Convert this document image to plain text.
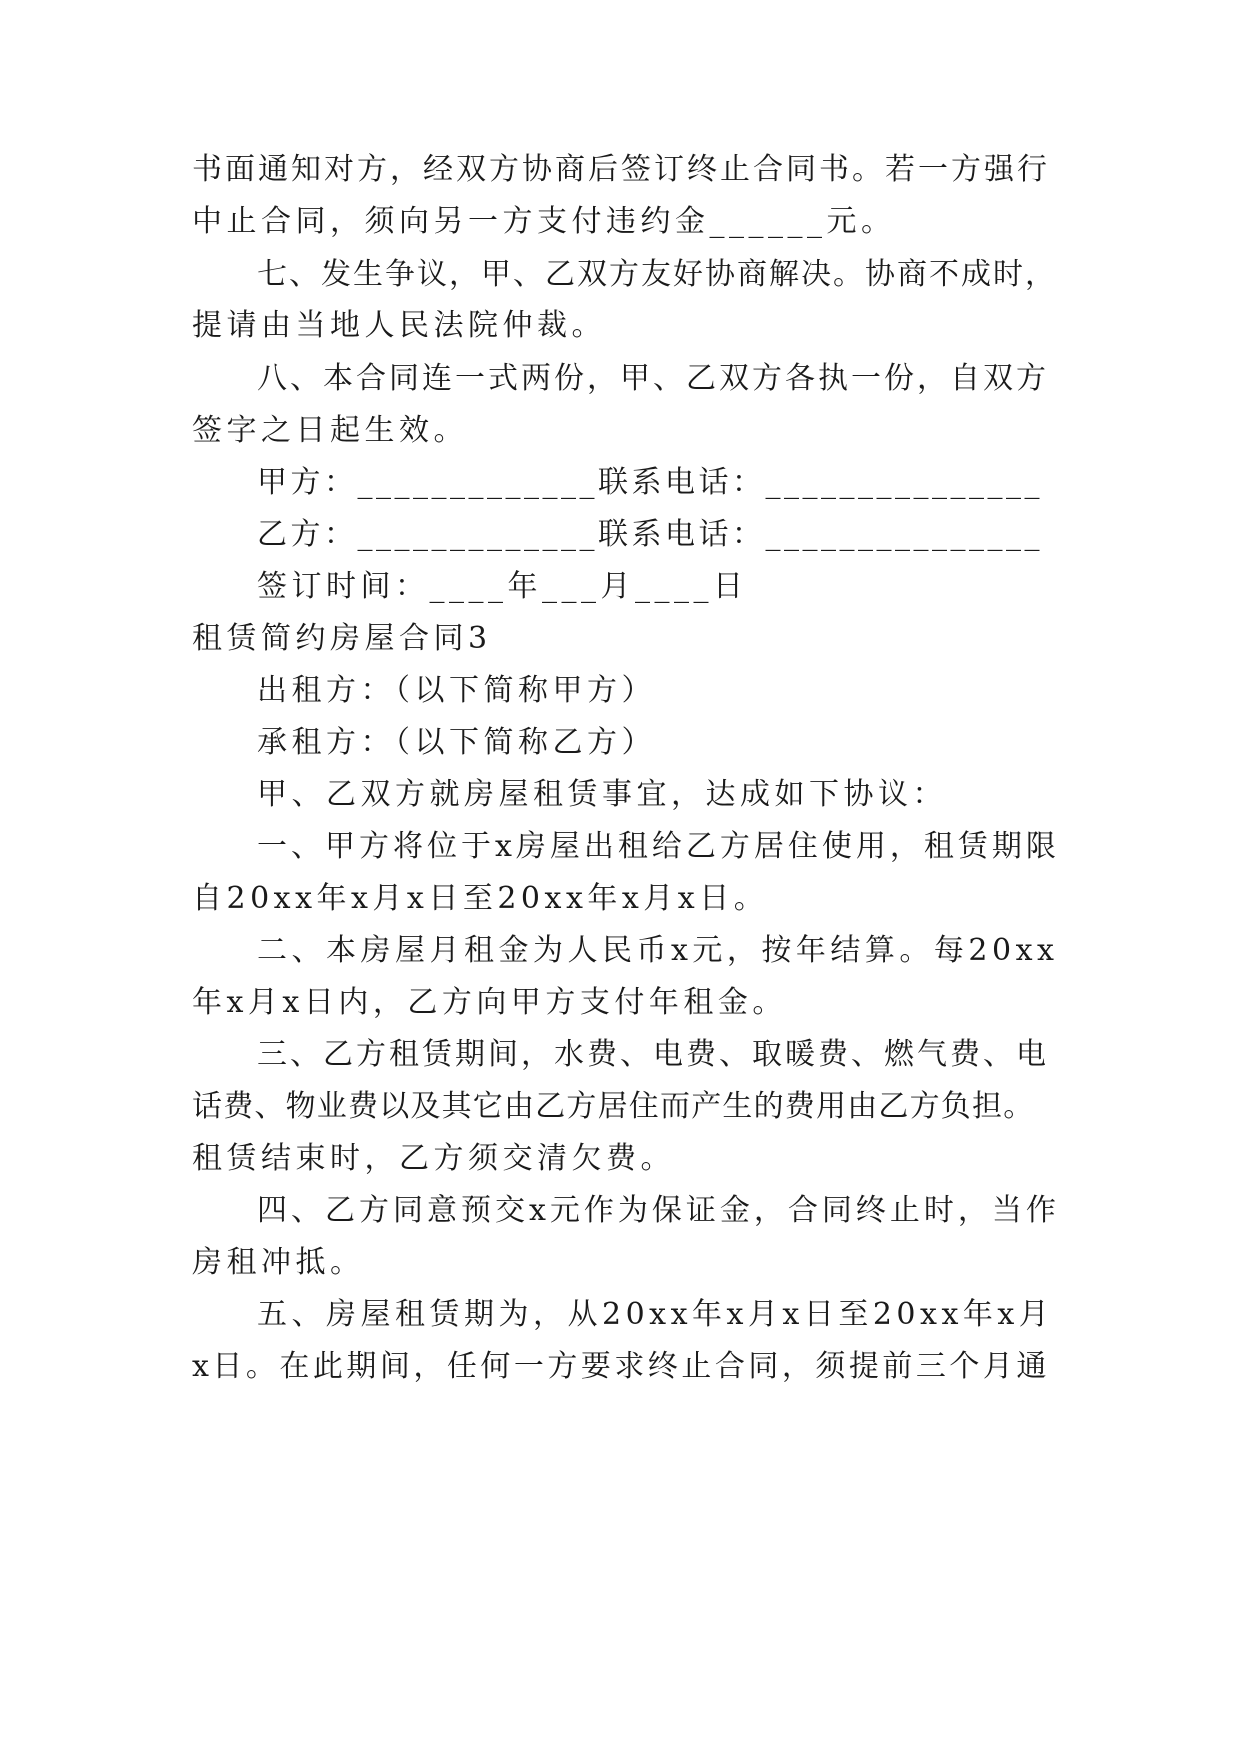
书面通知对方，经双方协商后签订终止合同书。若一方强行
中止合同，须向另一方支付违约金______元。
七、发生争议，甲、乙双方友好协商解决。协商不成时，
提请由当地人民法院仲裁。
八、本合同连一式两份，甲、乙双方各执一份，自双方
签字之日起生效。
甲方：_____________联系电话：_______________
乙方：_____________联系电话：_______________
签订时间：____年___月____日
租赁简约房屋合同3
出租方：（以下简称甲方）
承租方：（以下简称乙方）
甲、乙双方就房屋租赁事宜，达成如下协议：
一、甲方将位于x房屋出租给乙方居住使用，租赁期限
自20xx年x月x日至20xx年x月x日。
二、本房屋月租金为人民币x元，按年结算。每20xx
年x月x日内，乙方向甲方支付年租金。
三、乙方租赁期间，水费、电费、取暖费、燃气费、电
话费、物业费以及其它由乙方居住而产生的费用由乙方负担。
租赁结束时，乙方须交清欠费。
四、乙方同意预交x元作为保证金，合同终止时，当作
房租冲抵。
五、房屋租赁期为，从20xx年x月x日至20xx年x月
x日。在此期间，任何一方要求终止合同，须提前三个月通
